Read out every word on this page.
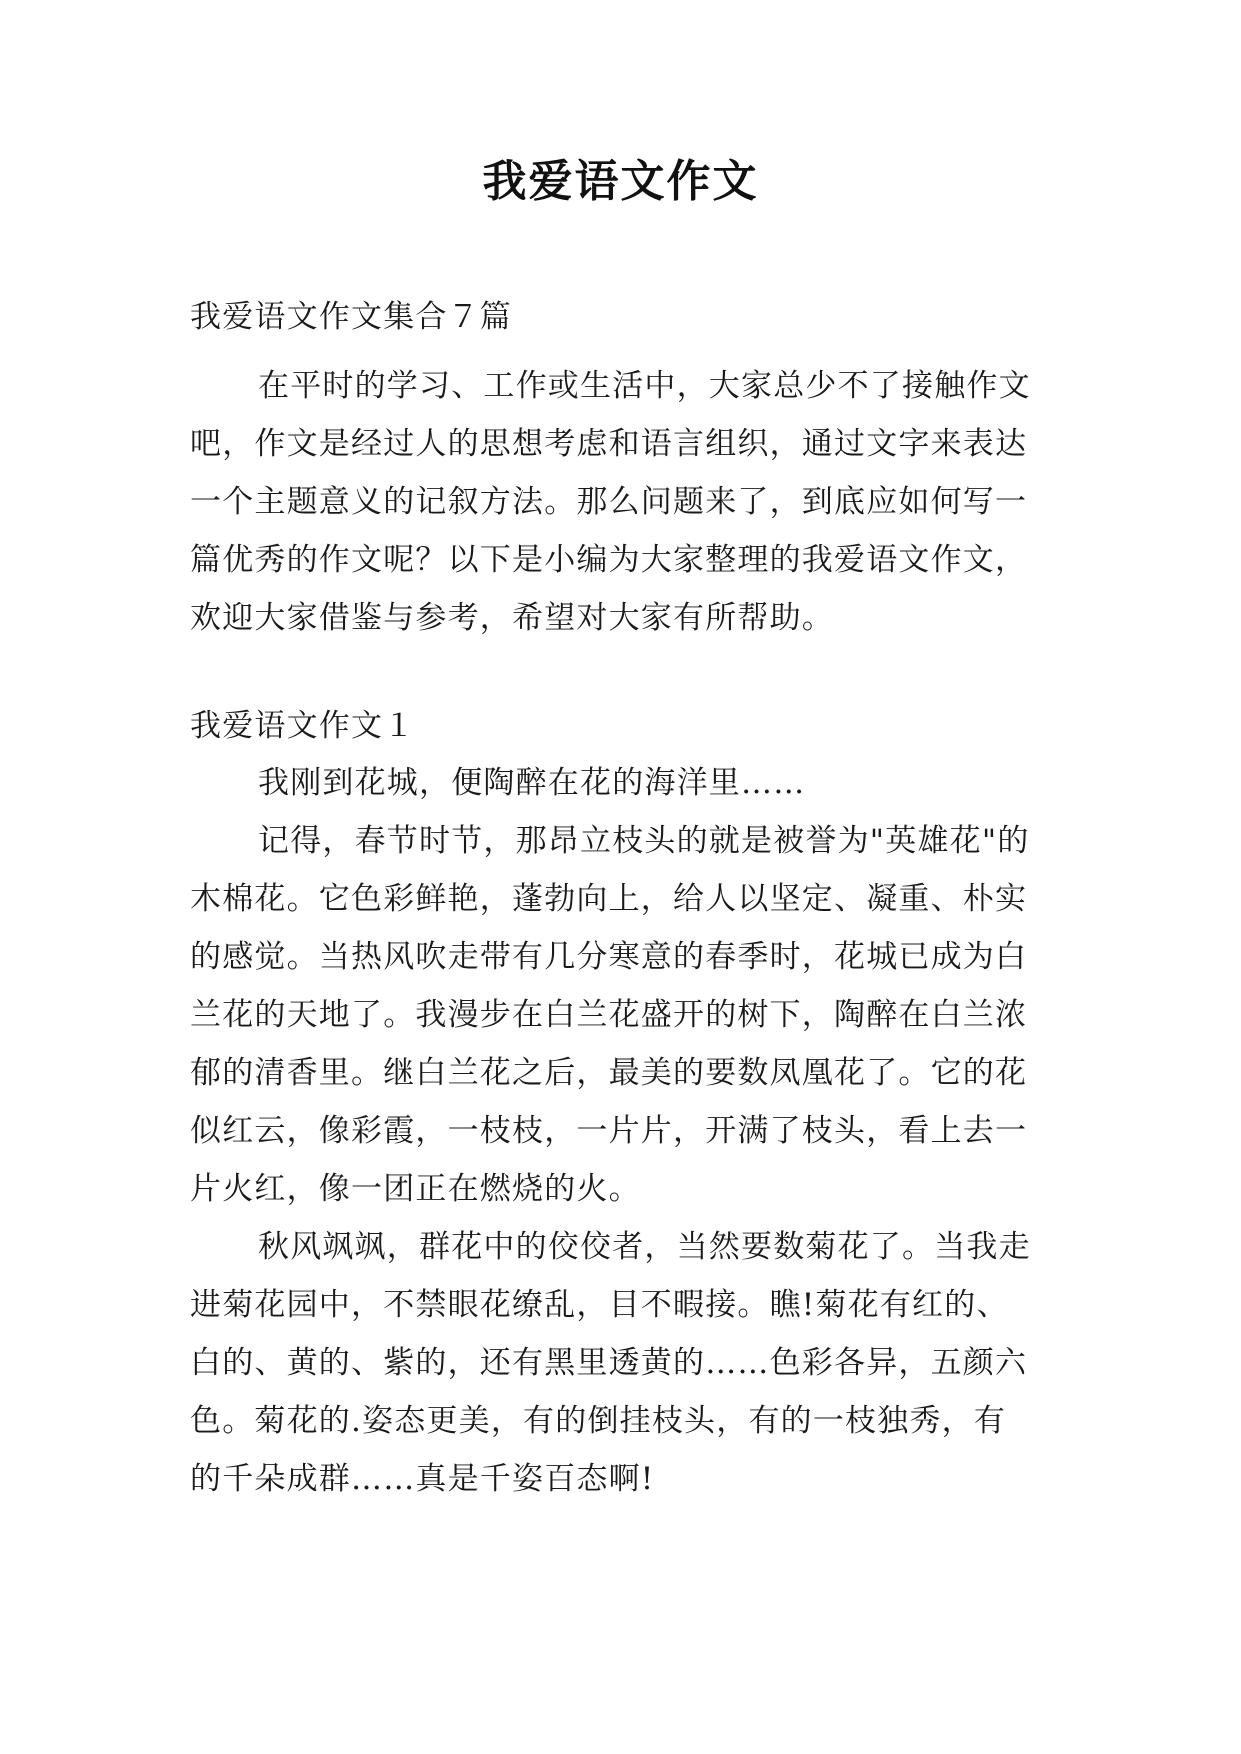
我爱语文作文
我爱语文作文集合７篇
在平时的学习、工作或生活中，大家总少不了接触作文
吧，作文是经过人的思想考虑和语言组织，通过文字来表达
一个主题意义的记叙方法。那么问题来了，到底应如何写一
篇优秀的作文呢？以下是小编为大家整理的我爱语文作文，
欢迎大家借鉴与参考，希望对大家有所帮助。
我爱语文作文１
我刚到花城，便陶醉在花的海洋里……
记得，春节时节，那昂立枝头的就是被誉为"英雄花"的
木棉花。它色彩鲜艳，蓬勃向上，给人以坚定、凝重、朴实
的感觉。当热风吹走带有几分寒意的春季时，花城已成为白
兰花的天地了。我漫步在白兰花盛开的树下，陶醉在白兰浓
郁的清香里。继白兰花之后，最美的要数凤凰花了。它的花
似红云，像彩霞，一枝枝，一片片，开满了枝头，看上去一
片火红，像一团正在燃烧的火。
秋风飒飒，群花中的佼佼者，当然要数菊花了。当我走
进菊花园中，不禁眼花缭乱，目不暇接。瞧!菊花有红的、
白的、黄的、紫的，还有黑里透黄的……色彩各异，五颜六
色。菊花的.姿态更美，有的倒挂枝头，有的一枝独秀，有
的千朵成群……真是千姿百态啊!
